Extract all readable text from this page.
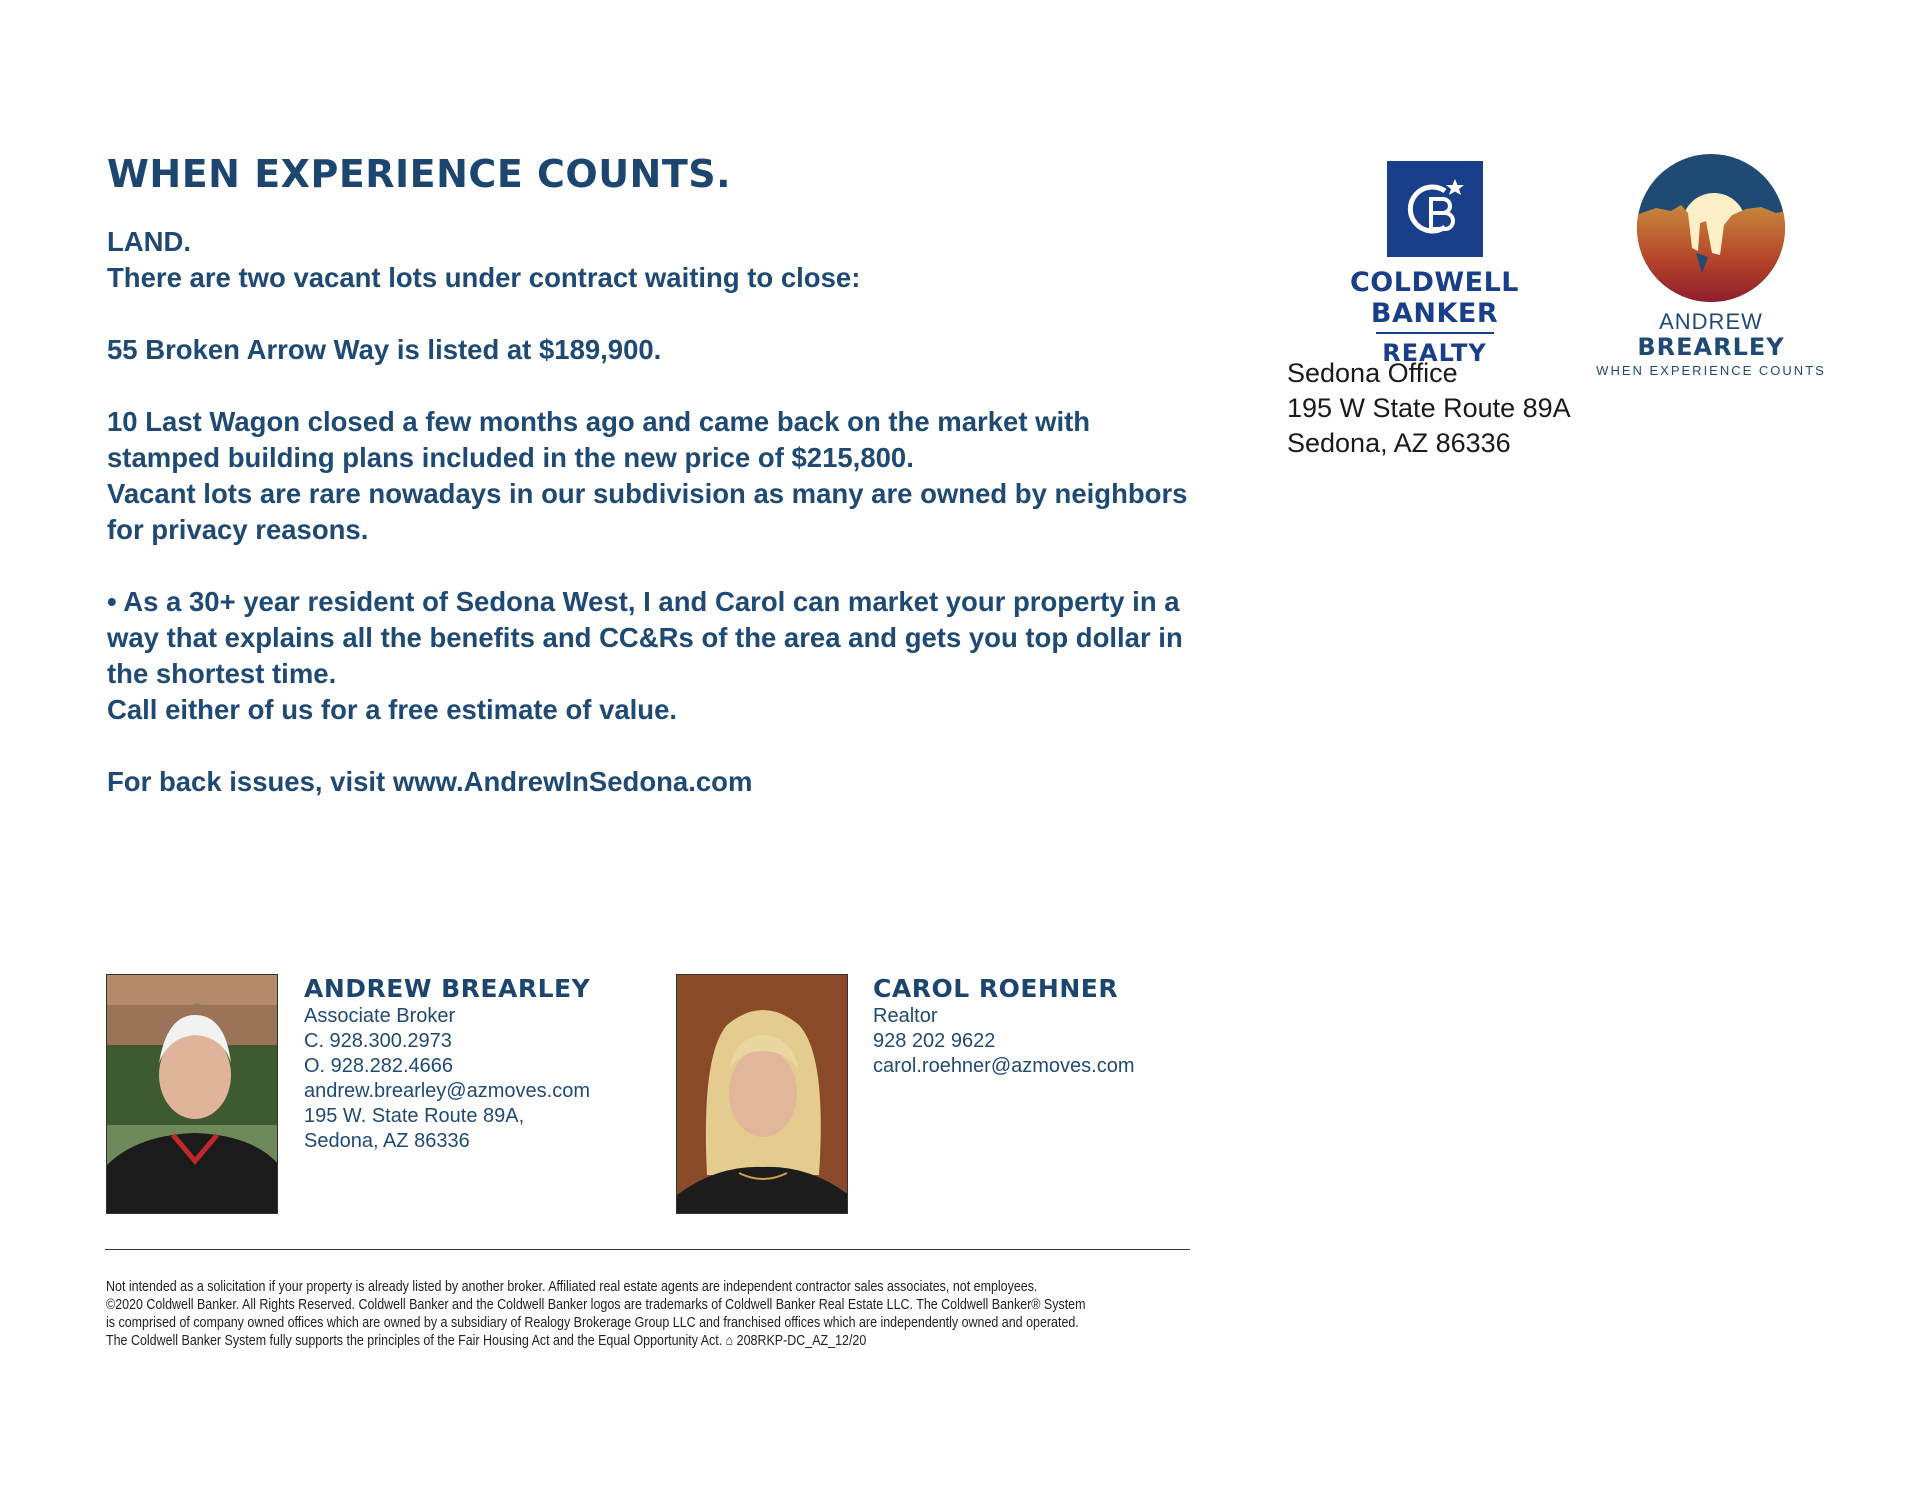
WHEN EXPERIENCE COUNTS.

LAND.

There are two vacant lots under contract waiting to close:

55 Broken Arrow Way is listed at $189,900.

10 Last Wagon closed a few months ago and came back on the market with

stamped building plans included in the new price of $215,800.

Vacant lots are rare nowadays in our subdivision as many are owned by neighbors

for privacy reasons.

• As a 30+ year resident of Sedona West, I and Carol can market your property in a

way that explains all the benefits and CC&Rs of the area and gets you top dollar in

the shortest time.

Call either of us for a free estimate of value.

For back issues, visit www.AndrewInSedona.com

COLDWELL BANKER
REALTY
Sedona Office
195 W State Route 89A
Sedona, AZ 86336
ANDREW
BREARLEY
WHEN EXPERIENCE COUNTS
ANDREW BREARLEY
Associate Broker
C. 928.300.2973
O. 928.282.4666
andrew.brearley@azmoves.com
195 W. State Route 89A,
Sedona, AZ 86336
CAROL ROEHNER
Realtor
928 202 9622
carol.roehner@azmoves.com

Not intended as a solicitation if your property is already listed by another broker. Affiliated real estate agents are independent contractor sales associates, not employees.

©2020 Coldwell Banker. All Rights Reserved. Coldwell Banker and the Coldwell Banker logos are trademarks of Coldwell Banker Real Estate LLC. The Coldwell Banker® System

is comprised of company owned offices which are owned by a subsidiary of Realogy Brokerage Group LLC and franchised offices which are independently owned and operated.

The Coldwell Banker System fully supports the principles of the Fair Housing Act and the Equal Opportunity Act. ⌂ 208RKP-DC_AZ_12/20
